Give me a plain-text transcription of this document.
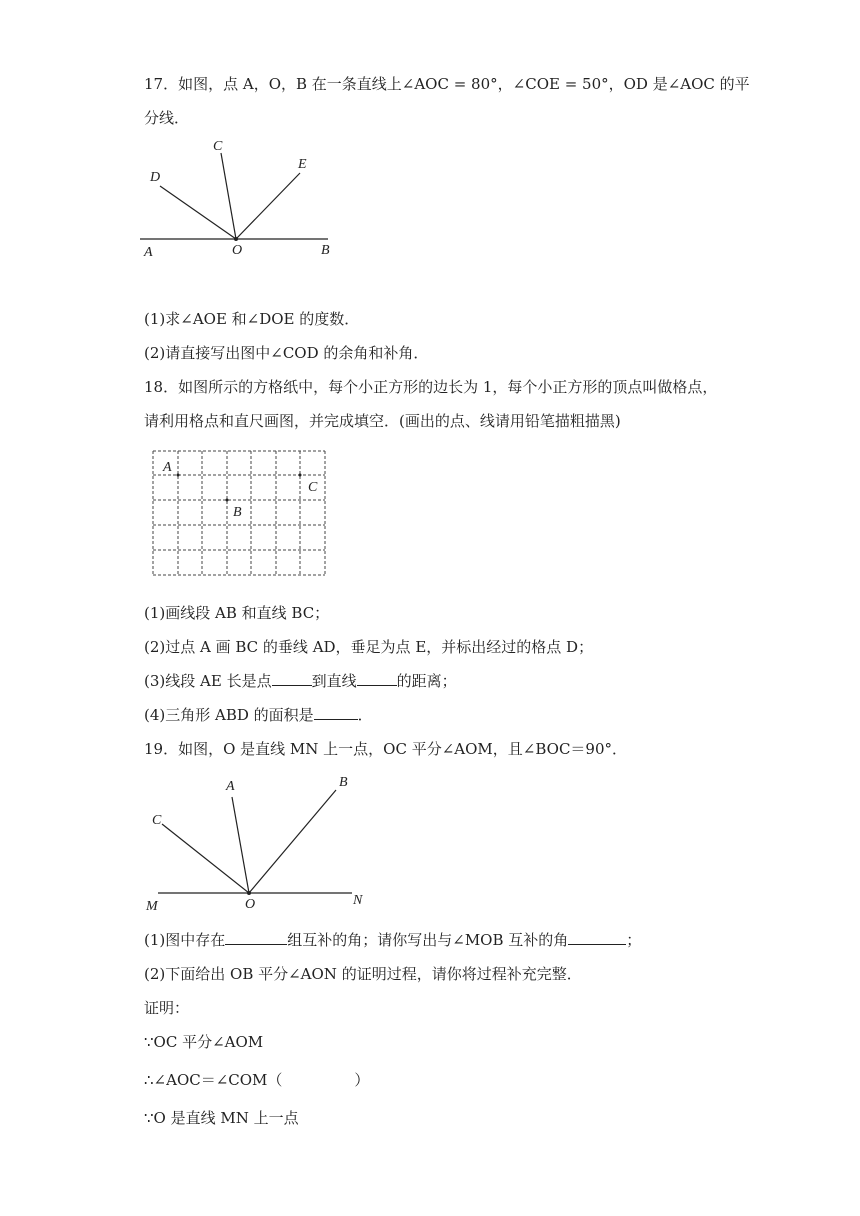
17．如图，点 A，O，B 在一条直线上∠AOC = 80°，∠COE = 50°，OD 是∠AOC 的平
分线．
A	O	B
C
D
E
(1)求∠AOE 和∠DOE 的度数．
(2)请直接写出图中∠COD 的余角和补角．
18．如图所示的方格纸中，每个小正方形的边长为 1，每个小正方形的顶点叫做格点，
请利用格点和直尺画图，并完成填空．(画出的点、线请用铅笔描粗描黑)
A
B
C
(1)画线段 AB 和直线 BC；
(2)过点 A 画 BC 的垂线 AD，垂足为点 E，并标出经过的格点 D；
(3)线段 AE 长是点	到直线	的距离；
(4)三角形 ABD 的面积是	．
19．如图，O 是直线 MN 上一点，OC 平分∠AOM，且∠BOC＝90°．
M	O	N
C
A	B
(1)图中存在	组互补的角；请你写出与∠MOB 互补的角	；
(2)下面给出 OB 平分∠AON 的证明过程，请你将过程补充完整．
证明：
∵OC 平分∠AOM
∴∠AOC＝∠COM（	）
∵O 是直线 MN 上一点
